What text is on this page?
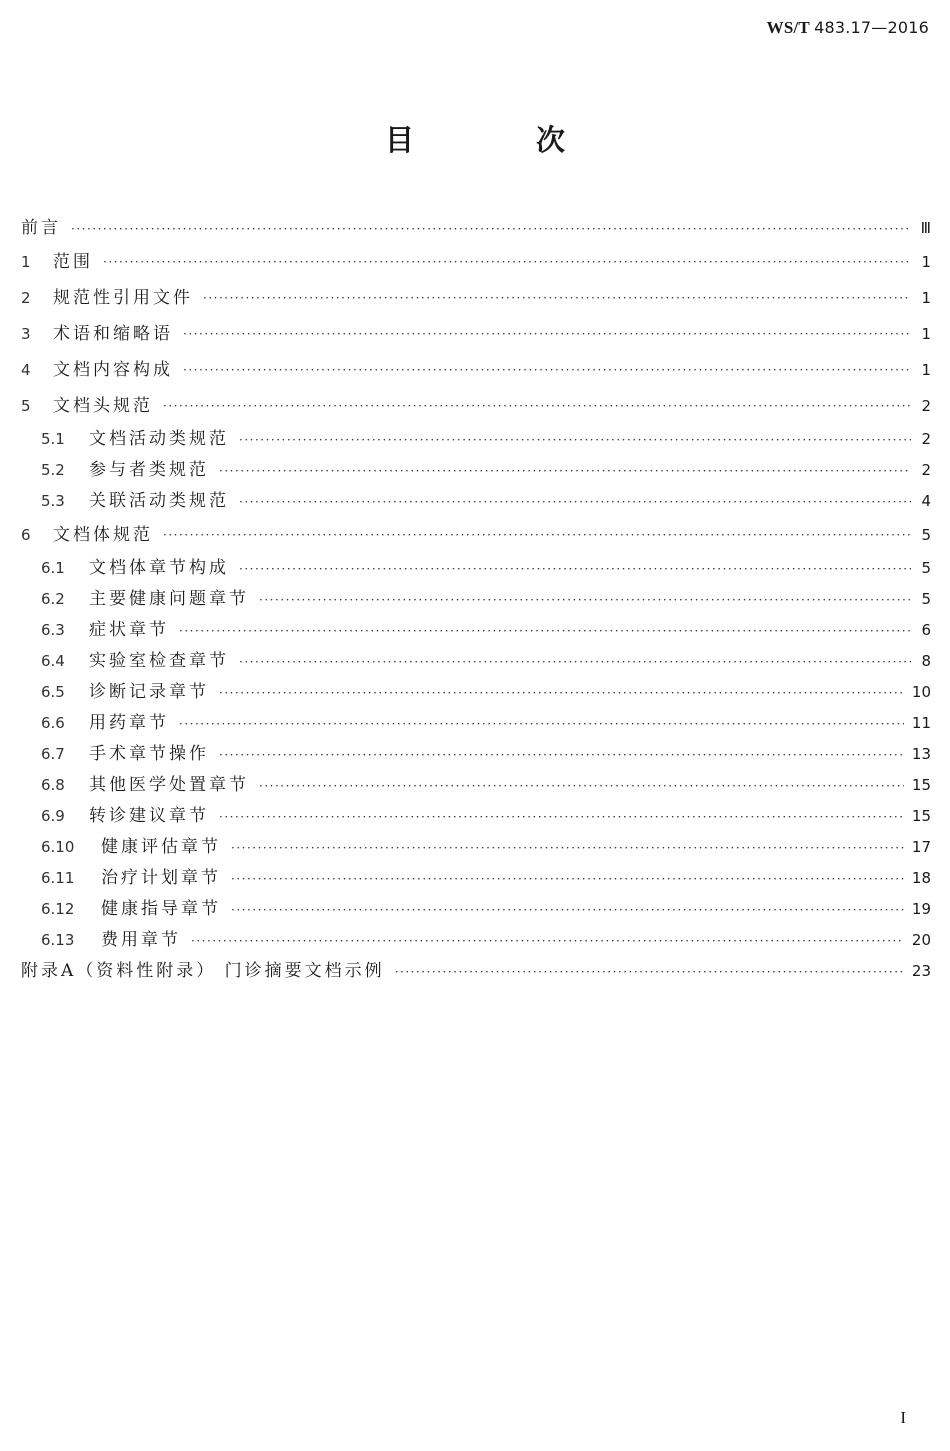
WS/T 483.17—2016
目 次
前言 ·····	Ⅲ
1	范围 ·····	1
2	规范性引用文件 ·····	1
3	术语和缩略语 ·····	1
4	文档内容构成 ·····	1
5	文档头规范 ·····	2
5.1	文档活动类规范 ·····	2
5.2	参与者类规范 ·····	2
5.3	关联活动类规范 ·····	4
6	文档体规范 ·····	5
6.1	文档体章节构成 ·····	5
6.2	主要健康问题章节 ·····	5
6.3	症状章节 ·····	6
6.4	实验室检查章节 ·····	8
6.5	诊断记录章节 ·····	10
6.6	用药章节 ·····	11
6.7	手术章节操作 ·····	13
6.8	其他医学处置章节 ·····	15
6.9	转诊建议章节 ·····	15
6.10	健康评估章节 ·····	17
6.11	治疗计划章节 ·····	18
6.12	健康指导章节 ·····	19
6.13	费用章节 ·····	20
附录A（资料性附录） 门诊摘要文档示例 ·····	23
I
